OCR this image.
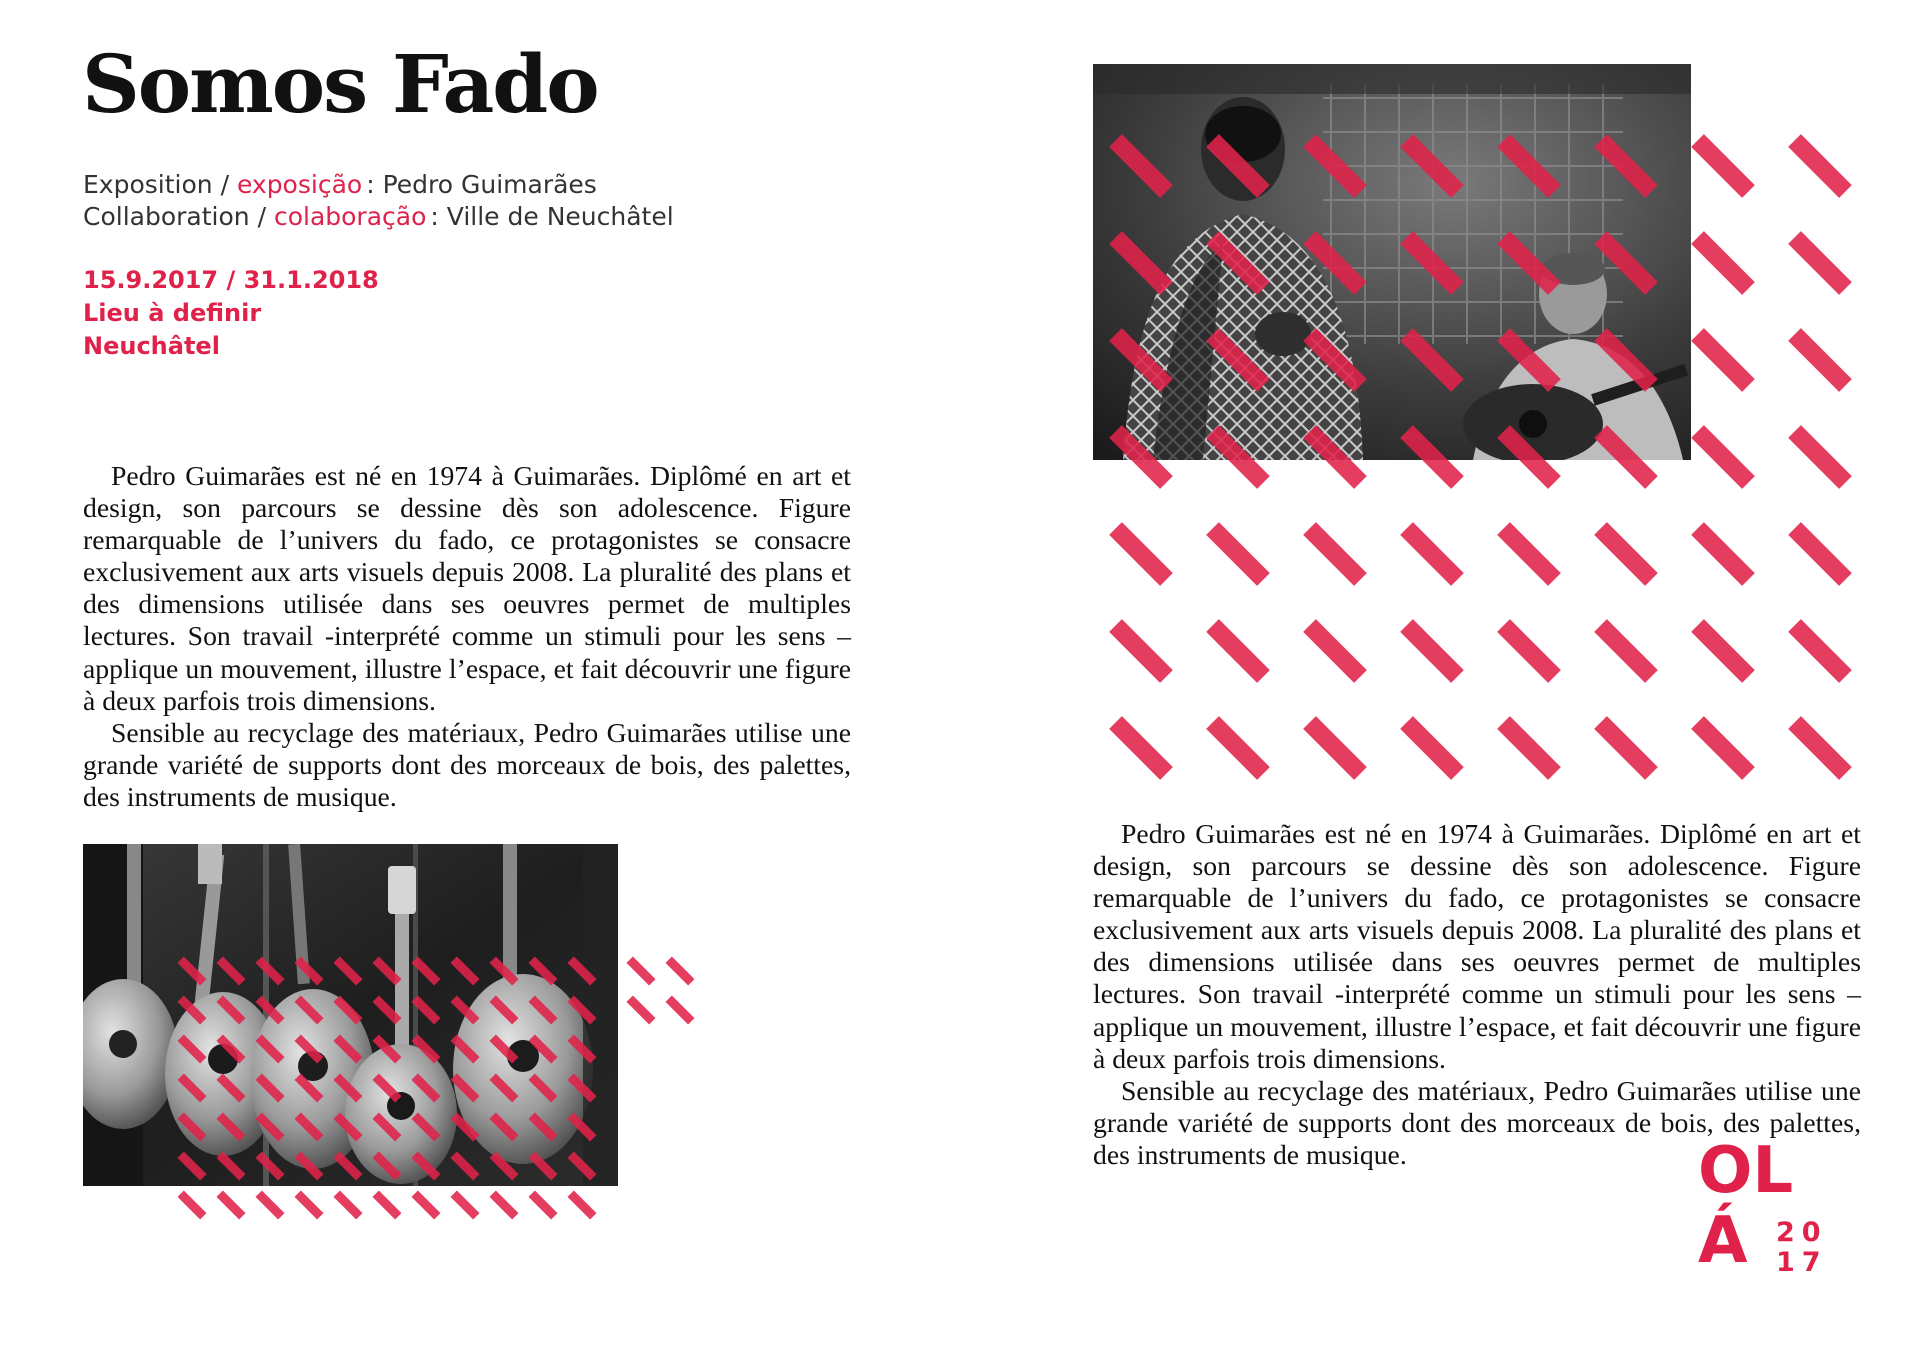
Somos Fado
Exposition / exposição : Pedro Guimarães
Collaboration / colaboração : Ville de Neuchâtel
15.9.2017 / 31.1.2018
Lieu à definir
Neuchâtel

Pedro Guimarães est né en 1974 à Guimarães. Diplômé en art et design, son parcours se dessine dès son adolescence. Figure remarquable de l’univers du fado, ce protagonistes se consacre exclusivement aux arts visuels depuis 2008. La pluralité des plans et des dimensions utilisée dans ses oeuvres permet de multiples lectures. Son travail -interprété comme un stimuli pour les sens – applique un mouvement, illustre l’espace, et fait découvrir une figure à deux parfois trois dimensions.

Sensible au recyclage des matériaux, Pedro Guimarães utilise une grande variété de supports dont des morceaux de bois, des palettes, des instruments de musique.

Pedro Guimarães est né en 1974 à Guimarães. Diplômé en art et design, son parcours se dessine dès son adolescence. Figure remarquable de l’univers du fado, ce protagonistes se consacre exclusivement aux arts visuels depuis 2008. La pluralité des plans et des dimensions utilisée dans ses oeuvres permet de multiples lectures. Son travail -interprété comme un stimuli pour les sens – applique un mouvement, illustre l’espace, et fait découvrir une figure à deux parfois trois dimensions.

Sensible au recyclage des matériaux, Pedro Guimarães utilise une grande variété de supports dont des morceaux de bois, des palettes, des instruments de musique.	OL
Á 20
17
